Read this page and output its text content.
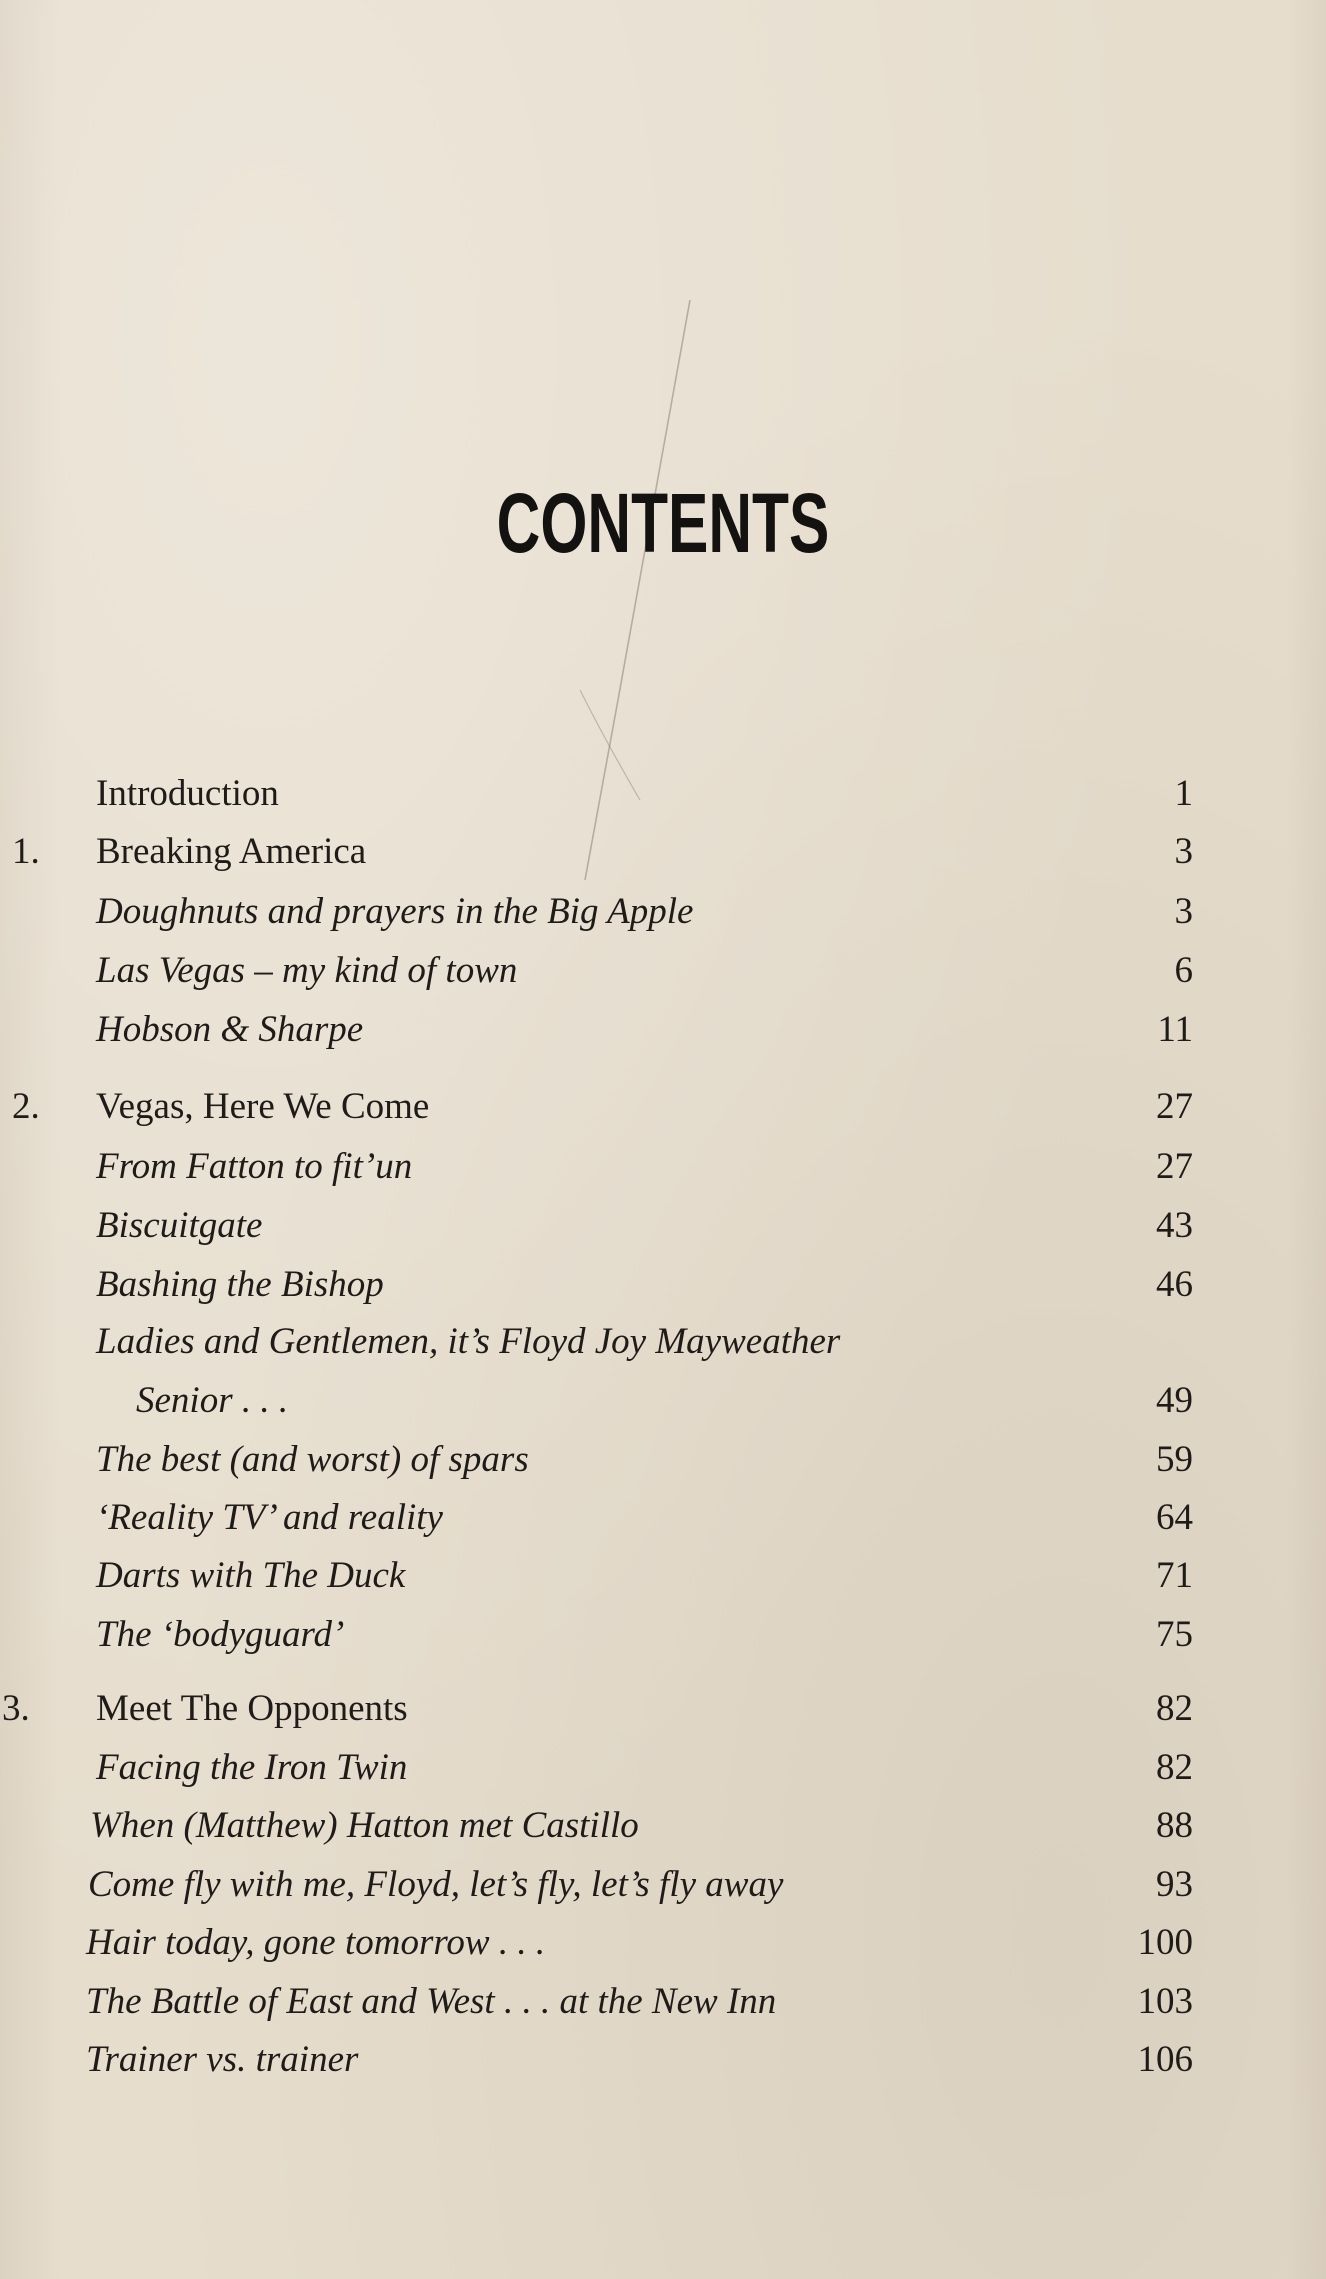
CONTENTS
Introduction	1
1. Breaking America	3
Doughnuts and prayers in the Big Apple	3
Las Vegas – my kind of town	6
Hobson & Sharpe	11
2. Vegas, Here We Come	27
From Fatton to fit’un	27
Biscuitgate	43
Bashing the Bishop	46
Ladies and Gentlemen, it’s Floyd Joy Mayweather
Senior . . .	49
The best (and worst) of spars	59
‘Reality TV’ and reality	64
Darts with The Duck	71
The ‘bodyguard’	75
3. Meet The Opponents	82
Facing the Iron Twin	82
When (Matthew) Hatton met Castillo	88
Come fly with me, Floyd, let’s fly, let’s fly away	93
Hair today, gone tomorrow . . .	100
The Battle of East and West . . . at the New Inn	103
Trainer vs. trainer	106
